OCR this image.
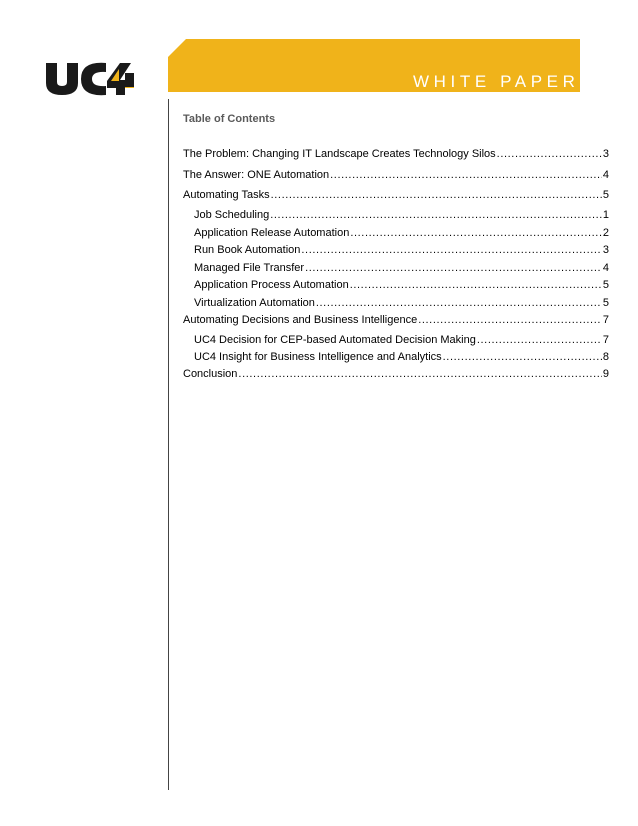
WHITE PAPER
Table of Contents
The Problem: Changing IT Landscape Creates Technology Silos .....	3
The Answer: ONE Automation .....	4
Automating Tasks .....	5
Job Scheduling .....	1
Application Release Automation .....	2
Run Book Automation .....	3
Managed File Transfer .....	4
Application Process Automation .....	5
Virtualization Automation .....	5
Automating Decisions and Business Intelligence .....	7
UC4 Decision for CEP-based Automated Decision Making .....	7
UC4 Insight for Business Intelligence and Analytics .....	8
Conclusion .....	9
